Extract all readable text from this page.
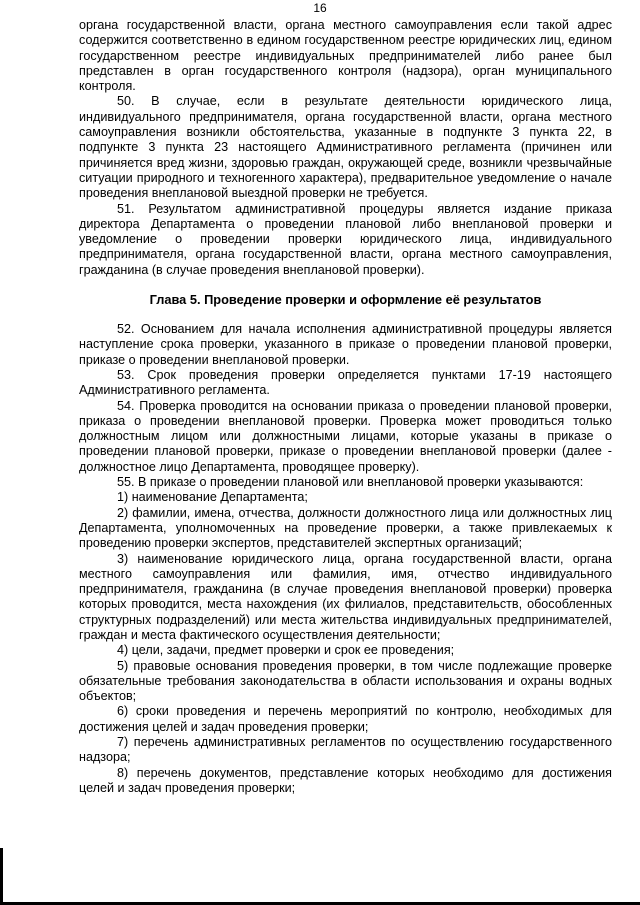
16

органа государственной власти, органа местного самоуправления если такой адрес содержится соответственно в едином государственном реестре юридических лиц, едином государственном реестре индивидуальных предпринимателей либо ранее был представлен в орган государственного контроля (надзора), орган муниципального контроля.

50. В случае, если в результате деятельности юридического лица, индивидуального предпринимателя, органа государственной власти, органа местного самоуправления возникли обстоятельства, указанные в подпункте 3 пункта 22, в подпункте 3 пункта 23 настоящего Административного регламента (причинен или причиняется вред жизни, здоровью граждан, окружающей среде, возникли чрезвычайные ситуации природного и техногенного характера), предварительное уведомление о начале проведения внеплановой выездной проверки не требуется.

51. Результатом административной процедуры является издание приказа директора Департамента о проведении плановой либо внеплановой проверки и уведомление о проведении проверки юридического лица, индивидуального предпринимателя, органа государственной власти, органа местного самоуправления, гражданина (в случае проведения внеплановой проверки).

Глава 5. Проведение проверки и оформление её результатов

52. Основанием для начала исполнения административной процедуры является наступление срока проверки, указанного в приказе о проведении плановой проверки, приказе о проведении внеплановой проверки.

53. Срок проведения проверки определяется пунктами 17-19 настоящего Административного регламента.

54. Проверка проводится на основании приказа о проведении плановой проверки, приказа о проведении внеплановой проверки. Проверка может проводиться только должностным лицом или должностными лицами, которые указаны в приказе о проведении плановой проверки, приказе о проведении внеплановой проверки (далее - должностное лицо Департамента, проводящее проверку).

55. В приказе о проведении плановой или внеплановой проверки указываются:

1) наименование Департамента;

2) фамилии, имена, отчества, должности должностного лица или должностных лиц Департамента, уполномоченных на проведение проверки, а также привлекаемых к проведению проверки экспертов, представителей экспертных организаций;

3) наименование юридического лица, органа государственной власти, органа местного самоуправления или фамилия, имя, отчество индивидуального предпринимателя, гражданина (в случае проведения внеплановой проверки) проверка которых проводится, места нахождения (их филиалов, представительств, обособленных структурных подразделений) или места жительства индивидуальных предпринимателей, граждан и места фактического осуществления деятельности;

4) цели, задачи, предмет проверки и срок ее проведения;

5) правовые основания проведения проверки, в том числе подлежащие проверке обязательные требования законодательства в области использования и охраны водных объектов;

6) сроки проведения и перечень мероприятий по контролю, необходимых для достижения целей и задач проведения проверки;

7) перечень административных регламентов по осуществлению государственного надзора;

8) перечень документов, представление которых необходимо для достижения целей и задач проведения проверки;
